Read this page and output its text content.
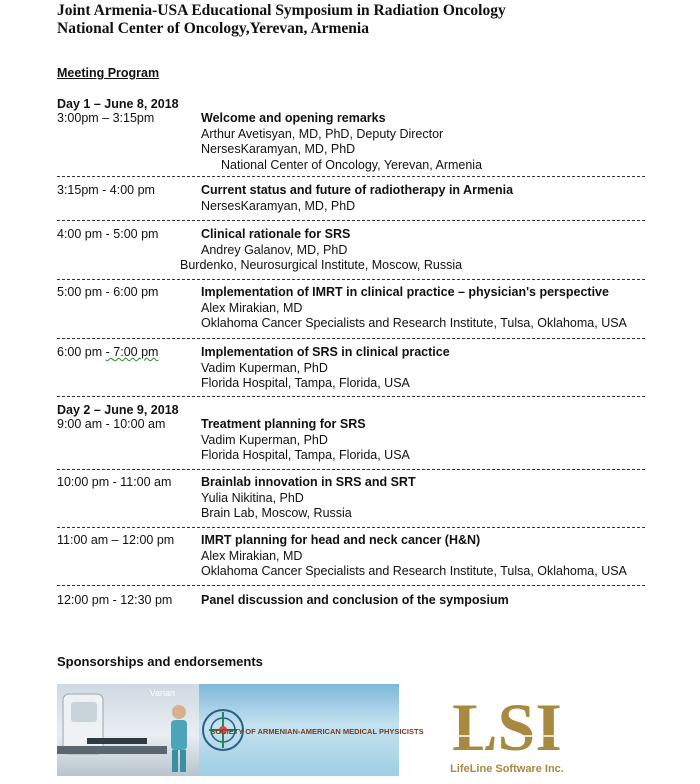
Joint Armenia-USA Educational Symposium in Radiation Oncology
National Center of Oncology,Yerevan, Armenia
Meeting Program
Day 1 – June 8, 2018
3:00pm – 3:15pm	Welcome and opening remarks
Arthur Avetisyan, MD, PhD, Deputy Director
NersesKaramyan, MD, PhD
National Center of Oncology, Yerevan, Armenia
3:15pm - 4:00 pm	Current status and future of radiotherapy in Armenia
NersesKaramyan, MD, PhD
4:00 pm - 5:00 pm	Clinical rationale for SRS
Andrey Galanov, MD, PhD
Burdenko, Neurosurgical Institute, Moscow, Russia
5:00 pm - 6:00 pm	Implementation of IMRT in clinical practice – physician's perspective
Alex Mirakian, MD
Oklahoma Cancer Specialists and Research Institute, Tulsa, Oklahoma, USA
6:00 pm - 7:00 pm	Implementation of SRS in clinical practice
Vadim Kuperman, PhD
Florida Hospital, Tampa, Florida, USA
Day 2 – June 9, 2018
9:00 am - 10:00 am	Treatment planning for SRS
Vadim Kuperman, PhD
Florida Hospital, Tampa, Florida, USA
10:00 pm - 11:00 am Brainlab innovation in SRS and SRT
Yulia Nikitina, PhD
Brain Lab, Moscow, Russia
11:00 am – 12:00 pm IMRT planning for head and neck cancer (H&N)
Alex Mirakian, MD
Oklahoma Cancer Specialists and Research Institute, Tulsa, Oklahoma, USA
12:00 pm - 12:30 pm Panel discussion and conclusion of the symposium
Sponsorships and endorsements
Varian
SOCIETY OF ARMENIAN-AMERICAN MEDICAL PHYSICISTS LSI
LifeLine Software Inc.
